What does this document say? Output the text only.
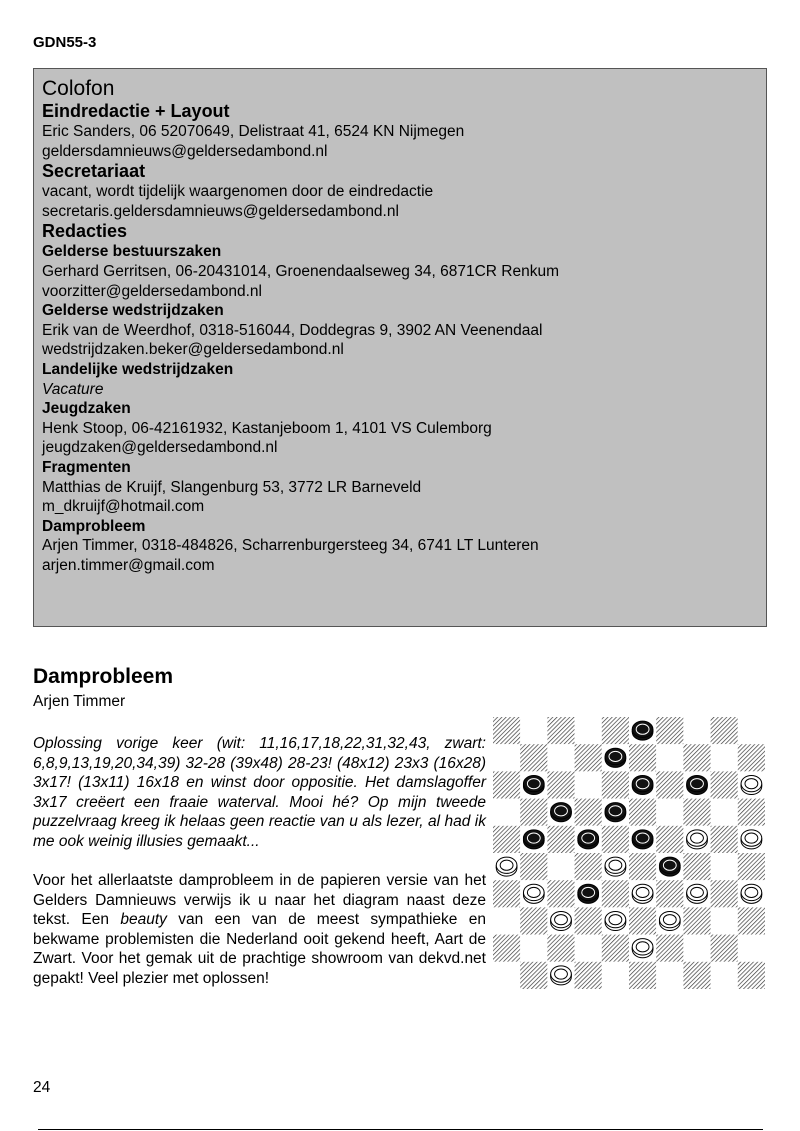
GDN55-3

Colofon

Eindredactie + Layout

Eric Sanders, 06 52070649, Delistraat 41, 6524 KN Nijmegen

geldersdamnieuws@geldersedambond.nl

Secretariaat

vacant, wordt tijdelijk waargenomen door de eindredactie

secretaris.geldersdamnieuws@geldersedambond.nl

Redacties

Gelderse bestuurszaken

Gerhard Gerritsen, 06-20431014, Groenendaalseweg 34, 6871CR Renkum

voorzitter@geldersedambond.nl

Gelderse wedstrijdzaken

Erik van de Weerdhof, 0318-516044, Doddegras 9, 3902 AN Veenendaal

wedstrijdzaken.beker@geldersedambond.nl

Landelijke wedstrijdzaken

Vacature

Jeugdzaken

Henk Stoop, 06-42161932, Kastanjeboom 1, 4101 VS Culemborg

jeugdzaken@geldersedambond.nl

Fragmenten

Matthias de Kruijf, Slangenburg 53, 3772 LR Barneveld

m_dkruijf@hotmail.com

Damprobleem

Arjen Timmer, 0318-484826, Scharrenburgersteeg 34, 6741 LT Lunteren

arjen.timmer@gmail.com

Damprobleem

Arjen Timmer

Oplossing vorige keer (wit: 11,16,17,18,22,31,32,43, zwart: 6,8,9,13,19,20,34,39) 32-28 (39x48) 28-23! (48x12) 23x3 (16x28) 3x17! (13x11) 16x18 en winst door oppositie. Het damslagoffer 3x17 creëert een fraaie waterval. Mooi hé? Op mijn tweede puzzelvraag kreeg ik helaas geen reactie van u als lezer, al had ik me ook weinig illusies gemaakt...

Voor het allerlaatste damprobleem in de papieren versie van het Gelders Damnieuws verwijs ik u naar het diagram naast deze tekst. Een beauty van een van de meest sympathieke en bekwame problemisten die Nederland ooit gekend heeft, Aart de Zwart. Voor het gemak uit de prachtige showroom van dekvd.net gepakt! Veel plezier met oplossen!

24
